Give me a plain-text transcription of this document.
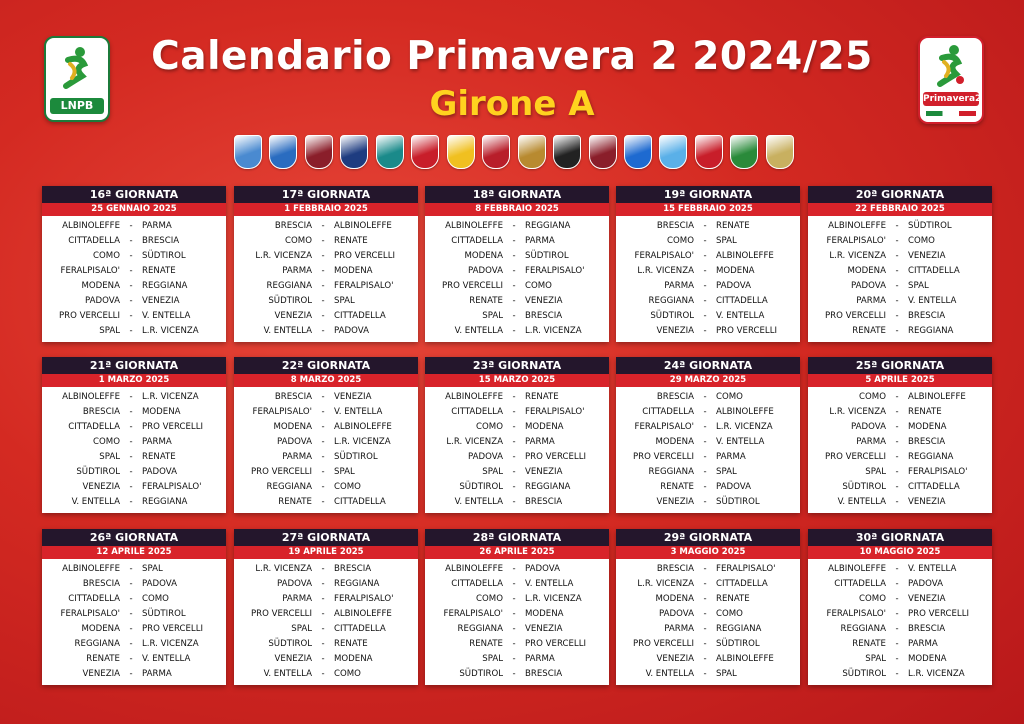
LNPB	Primavera2
Calendario Primavera 2 2024/25
Girone A
16ª GIORNATA
25 GENNAIO 2025
ALBINOLEFFE	-	PARMA
CITTADELLA	-	BRESCIA
COMO	-	SÜDTIROL
FERALPISALO'	-	RENATE
MODENA	-	REGGIANA
PADOVA	-	VENEZIA
PRO VERCELLI	-	V. ENTELLA
SPAL	-	L.R. VICENZA
17ª GIORNATA
1 FEBBRAIO 2025
BRESCIA	-	ALBINOLEFFE
COMO	-	RENATE
L.R. VICENZA	-	PRO VERCELLI
PARMA	-	MODENA
REGGIANA	-	FERALPISALO'
SÜDTIROL	-	SPAL
VENEZIA	-	CITTADELLA
V. ENTELLA	-	PADOVA
18ª GIORNATA
8 FEBBRAIO 2025
ALBINOLEFFE	-	REGGIANA
CITTADELLA	-	PARMA
MODENA	-	SÜDTIROL
PADOVA	-	FERALPISALO'
PRO VERCELLI	-	COMO
RENATE	-	VENEZIA
SPAL	-	BRESCIA
V. ENTELLA	-	L.R. VICENZA
19ª GIORNATA
15 FEBBRAIO 2025
BRESCIA	-	RENATE
COMO	-	SPAL
FERALPISALO'	-	ALBINOLEFFE
L.R. VICENZA	-	MODENA
PARMA	-	PADOVA
REGGIANA	-	CITTADELLA
SÜDTIROL	-	V. ENTELLA
VENEZIA	-	PRO VERCELLI
20ª GIORNATA
22 FEBBRAIO 2025
ALBINOLEFFE	-	SÜDTIROL
FERALPISALO'	-	COMO
L.R. VICENZA	-	VENEZIA
MODENA	-	CITTADELLA
PADOVA	-	SPAL
PARMA	-	V. ENTELLA
PRO VERCELLI	-	BRESCIA
RENATE	-	REGGIANA
21ª GIORNATA
1 MARZO 2025
ALBINOLEFFE	-	L.R. VICENZA
BRESCIA	-	MODENA
CITTADELLA	-	PRO VERCELLI
COMO	-	PARMA
SPAL	-	RENATE
SÜDTIROL	-	PADOVA
VENEZIA	-	FERALPISALO'
V. ENTELLA	-	REGGIANA
22ª GIORNATA
8 MARZO 2025
BRESCIA	-	VENEZIA
FERALPISALO'	-	V. ENTELLA
MODENA	-	ALBINOLEFFE
PADOVA	-	L.R. VICENZA
PARMA	-	SÜDTIROL
PRO VERCELLI	-	SPAL
REGGIANA	-	COMO
RENATE	-	CITTADELLA
23ª GIORNATA
15 MARZO 2025
ALBINOLEFFE	-	RENATE
CITTADELLA	-	FERALPISALO'
COMO	-	MODENA
L.R. VICENZA	-	PARMA
PADOVA	-	PRO VERCELLI
SPAL	-	VENEZIA
SÜDTIROL	-	REGGIANA
V. ENTELLA	-	BRESCIA
24ª GIORNATA
29 MARZO 2025
BRESCIA	-	COMO
CITTADELLA	-	ALBINOLEFFE
FERALPISALO'	-	L.R. VICENZA
MODENA	-	V. ENTELLA
PRO VERCELLI	-	PARMA
REGGIANA	-	SPAL
RENATE	-	PADOVA
VENEZIA	-	SÜDTIROL
25ª GIORNATA
5 APRILE 2025
COMO	-	ALBINOLEFFE
L.R. VICENZA	-	RENATE
PADOVA	-	MODENA
PARMA	-	BRESCIA
PRO VERCELLI	-	REGGIANA
SPAL	-	FERALPISALO'
SÜDTIROL	-	CITTADELLA
V. ENTELLA	-	VENEZIA
26ª GIORNATA
12 APRILE 2025
ALBINOLEFFE	-	SPAL
BRESCIA	-	PADOVA
CITTADELLA	-	COMO
FERALPISALO'	-	SÜDTIROL
MODENA	-	PRO VERCELLI
REGGIANA	-	L.R. VICENZA
RENATE	-	V. ENTELLA
VENEZIA	-	PARMA
27ª GIORNATA
19 APRILE 2025
L.R. VICENZA	-	BRESCIA
PADOVA	-	REGGIANA
PARMA	-	FERALPISALO'
PRO VERCELLI	-	ALBINOLEFFE
SPAL	-	CITTADELLA
SÜDTIROL	-	RENATE
VENEZIA	-	MODENA
V. ENTELLA	-	COMO
28ª GIORNATA
26 APRILE 2025
ALBINOLEFFE	-	PADOVA
CITTADELLA	-	V. ENTELLA
COMO	-	L.R. VICENZA
FERALPISALO'	-	MODENA
REGGIANA	-	VENEZIA
RENATE	-	PRO VERCELLI
SPAL	-	PARMA
SÜDTIROL	-	BRESCIA
29ª GIORNATA
3 MAGGIO 2025
BRESCIA	-	FERALPISALO'
L.R. VICENZA	-	CITTADELLA
MODENA	-	RENATE
PADOVA	-	COMO
PARMA	-	REGGIANA
PRO VERCELLI	-	SÜDTIROL
VENEZIA	-	ALBINOLEFFE
V. ENTELLA	-	SPAL
30ª GIORNATA
10 MAGGIO 2025
ALBINOLEFFE	-	V. ENTELLA
CITTADELLA	-	PADOVA
COMO	-	VENEZIA
FERALPISALO'	-	PRO VERCELLI
REGGIANA	-	BRESCIA
RENATE	-	PARMA
SPAL	-	MODENA
SÜDTIROL	-	L.R. VICENZA
